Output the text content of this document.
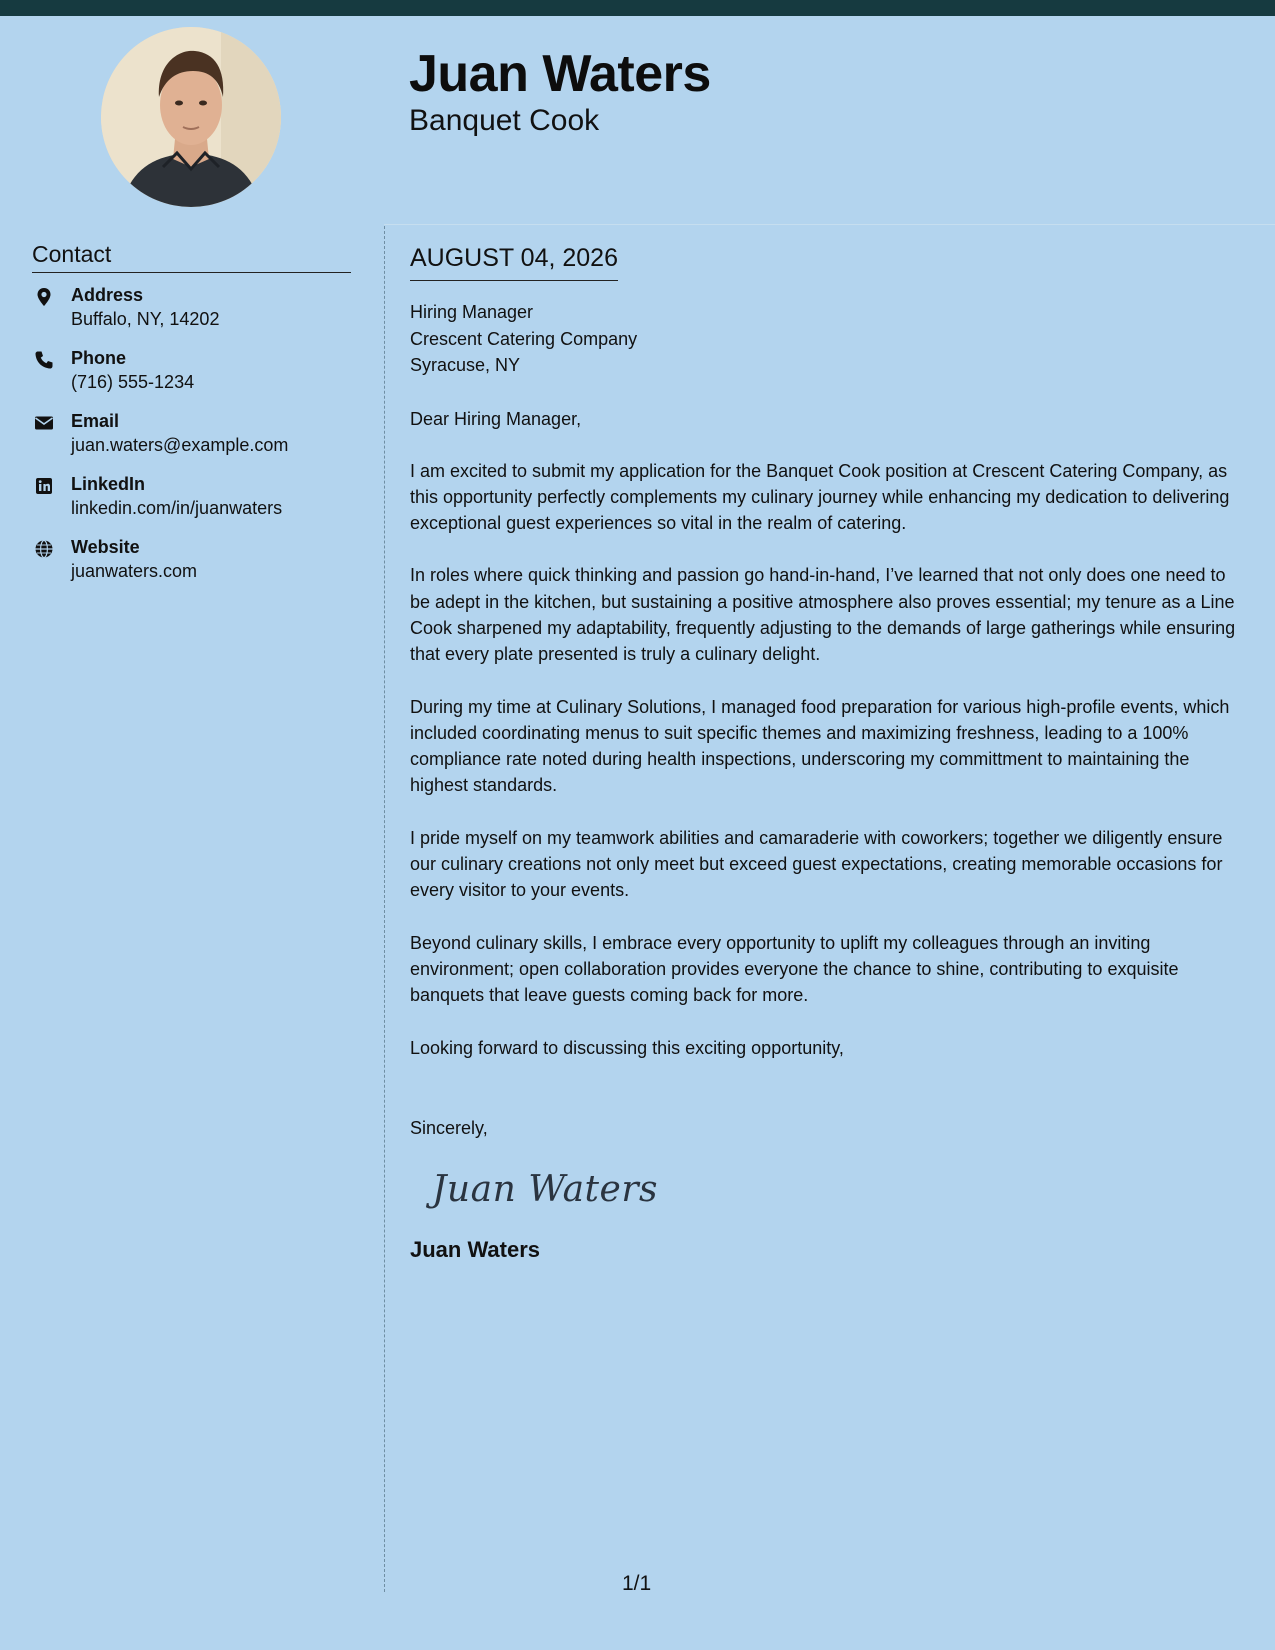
Juan Waters
Banquet Cook
Contact
Address
Buffalo, NY, 14202
Phone
(716) 555-1234
Email
juan.waters@example.com
LinkedIn
linkedin.com/in/juanwaters
Website
juanwaters.com
AUGUST 04, 2026
Hiring Manager
Crescent Catering Company
Syracuse, NY

Dear Hiring Manager,

I am excited to submit my application for the Banquet Cook position at Crescent Catering Company, as this opportunity perfectly complements my culinary journey while enhancing my dedication to delivering exceptional guest experiences so vital in the realm of catering.

In roles where quick thinking and passion go hand-in-hand, I’ve learned that not only does one need to be adept in the kitchen, but sustaining a positive atmosphere also proves essential; my tenure as a Line Cook sharpened my adaptability, frequently adjusting to the demands of large gatherings while ensuring that every plate presented is truly a culinary delight.

During my time at Culinary Solutions, I managed food preparation for various high-profile events, which included coordinating menus to suit specific themes and maximizing freshness, leading to a 100% compliance rate noted during health inspections, underscoring my committment to maintaining the highest standards.

I pride myself on my teamwork abilities and camaraderie with coworkers; together we diligently ensure our culinary creations not only meet but exceed guest expectations, creating memorable occasions for every visitor to your events.

Beyond culinary skills, I embrace every opportunity to uplift my colleagues through an inviting environment; open collaboration provides everyone the chance to shine, contributing to exquisite banquets that leave guests coming back for more.

Looking forward to discussing this exciting opportunity,

Sincerely,

Juan Waters
Juan Waters
1/1
